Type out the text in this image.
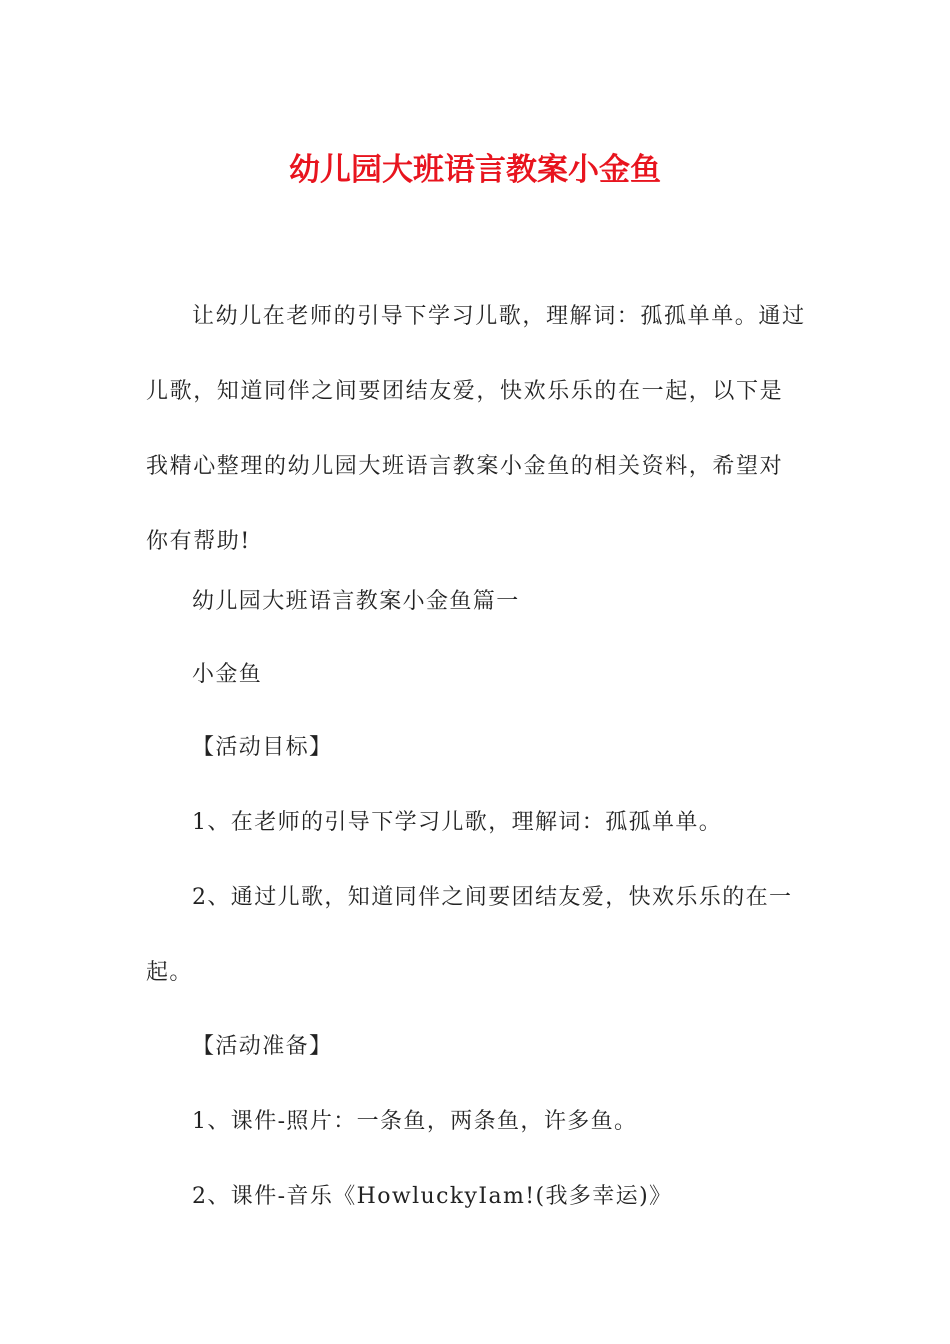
幼儿园大班语言教案小金鱼
让幼儿在老师的引导下学习儿歌，理解词：孤孤单单。通过儿歌，知道同伴之间要团结友爱，快欢乐乐的在一起，以下是我精心整理的幼儿园大班语言教案小金鱼的相关资料，希望对你有帮助!
幼儿园大班语言教案小金鱼篇一
小金鱼
【活动目标】
1、在老师的引导下学习儿歌，理解词：孤孤单单。
2、通过儿歌，知道同伴之间要团结友爱，快欢乐乐的在一起。
【活动准备】
1、课件-照片：一条鱼，两条鱼，许多鱼。
2、课件-音乐《HowluckyIam!(我多幸运)》
